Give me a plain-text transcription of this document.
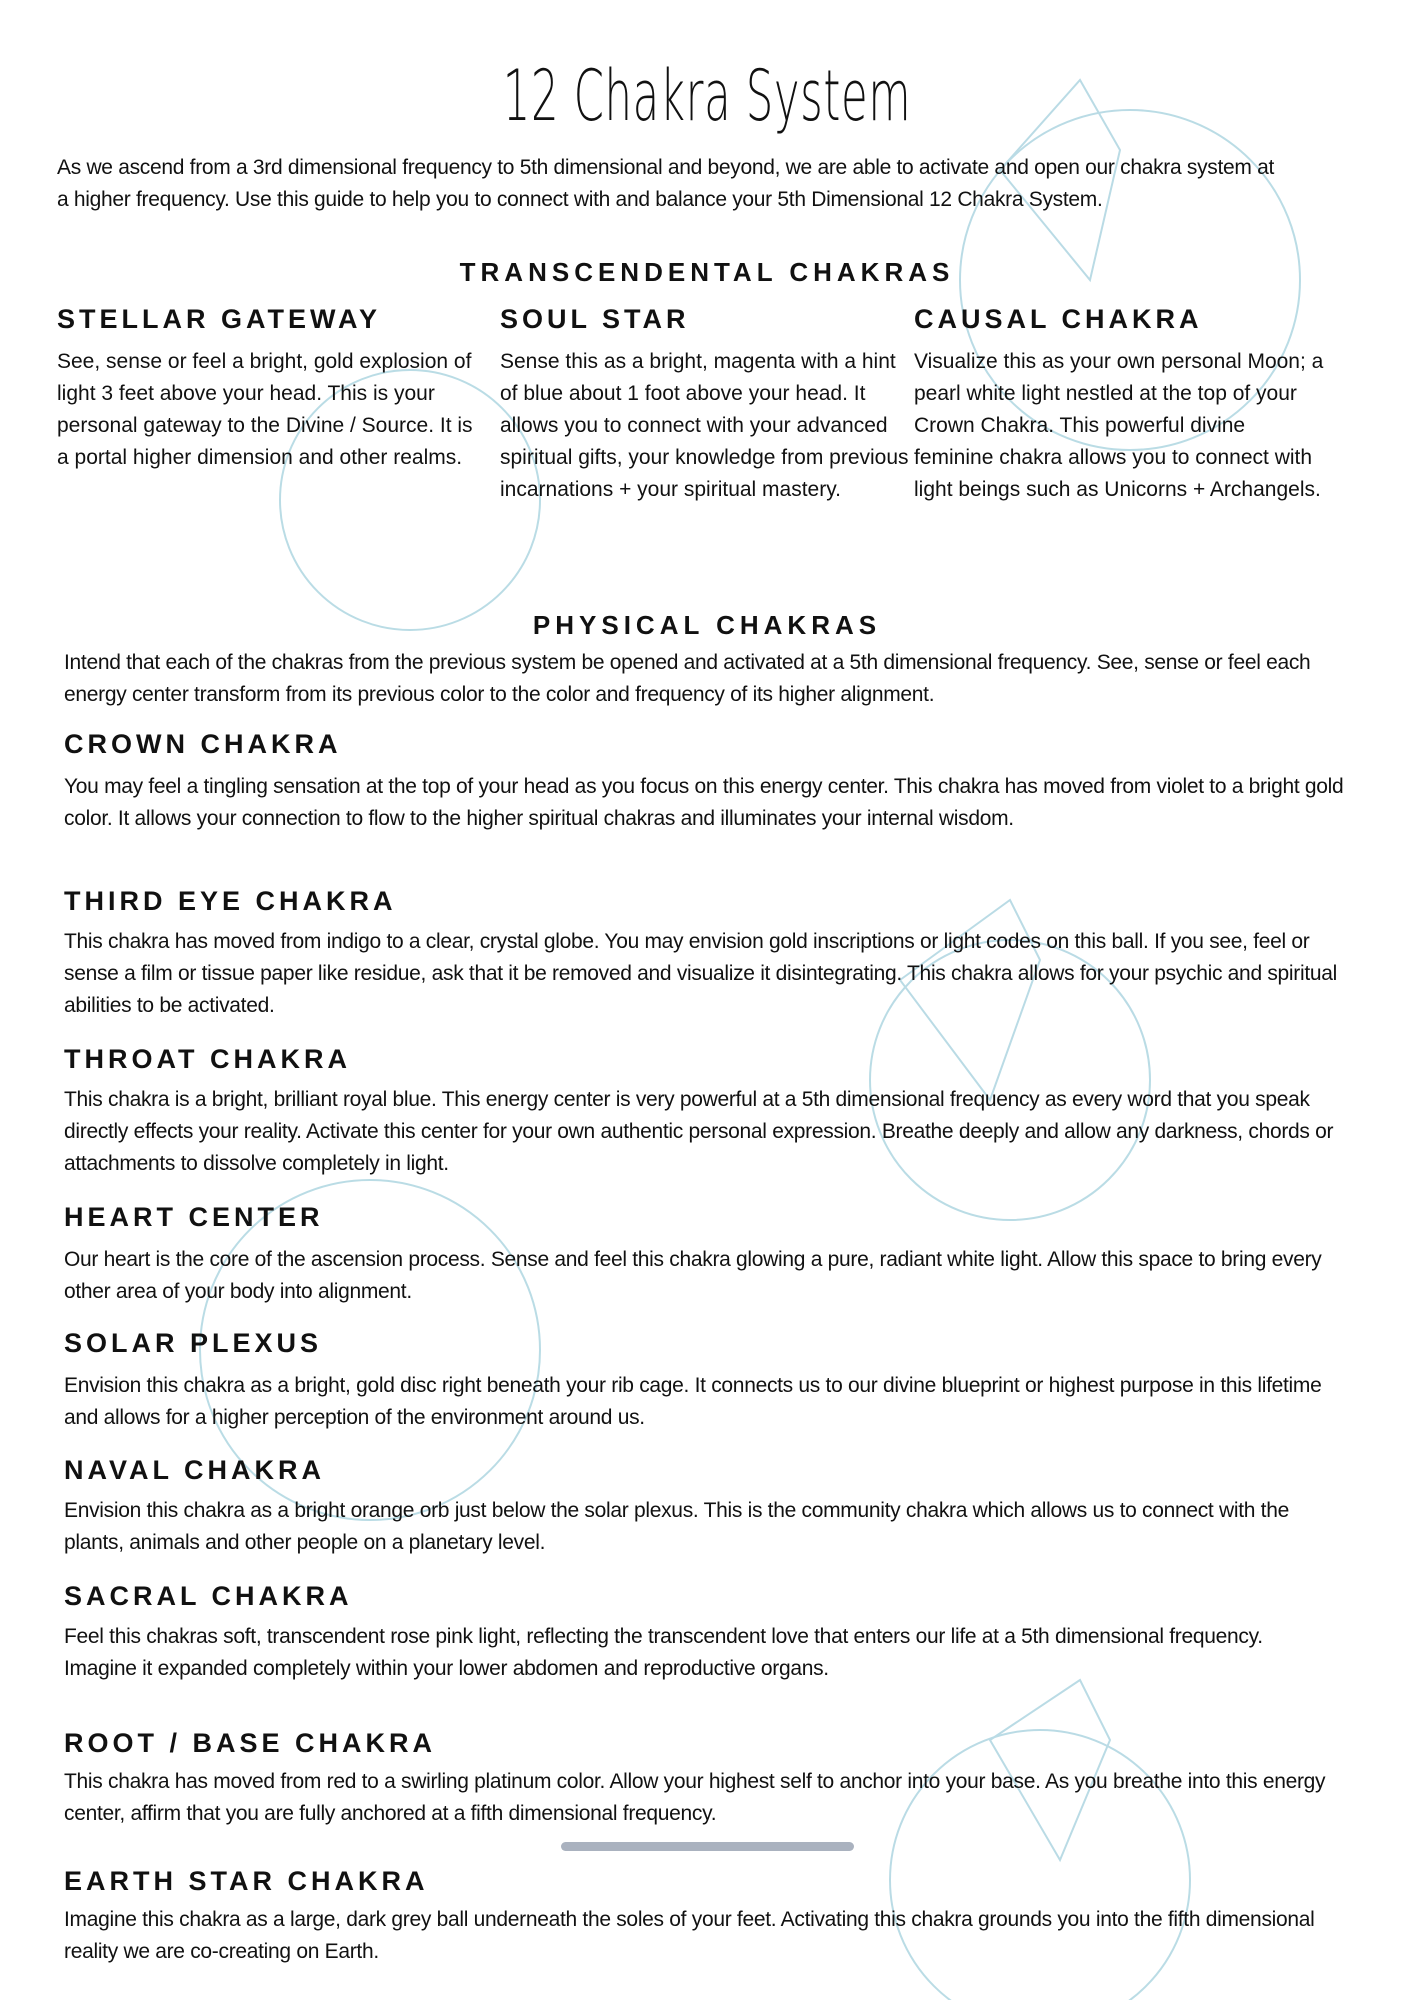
12 Chakra System
As we ascend from a 3rd dimensional frequency to 5th dimensional and beyond, we are able to activate and open our chakra system at a higher frequency. Use this guide to help you to connect with and balance your 5th Dimensional 12 Chakra System.
TRANSCENDENTAL CHAKRAS
STELLAR GATEWAY
See, sense or feel a bright, gold explosion of light 3 feet above your head. This is your personal gateway to the Divine / Source. It is a portal higher dimension and other realms.
SOUL STAR
Sense this as a bright, magenta with a hint of blue about 1 foot above your head. It allows you to connect with your advanced spiritual gifts, your knowledge from previous incarnations + your spiritual mastery.
CAUSAL CHAKRA
Visualize this as your own personal Moon; a pearl white light nestled at the top of your Crown Chakra. This powerful divine feminine chakra allows you to connect with light beings such as Unicorns + Archangels.
PHYSICAL CHAKRAS
Intend that each of the chakras from the previous system be opened and activated at a 5th dimensional frequency. See, sense or feel each energy center transform from its previous color to the color and frequency of its higher alignment.
CROWN CHAKRA
You may feel a tingling sensation at the top of your head as you focus on this energy center. This chakra has moved from violet to a bright gold color. It allows your connection to flow to the higher spiritual chakras and illuminates your internal wisdom.
THIRD EYE CHAKRA
This chakra has moved from indigo to a clear, crystal globe. You may envision gold inscriptions or light codes on this ball. If you see, feel or sense a film or tissue paper like residue, ask that it be removed and visualize it disintegrating. This chakra allows for your psychic and spiritual abilities to be activated.
THROAT CHAKRA
This chakra is a bright, brilliant royal blue. This energy center is very powerful at a 5th dimensional frequency as every word that you speak directly effects your reality. Activate this center for your own authentic personal expression. Breathe deeply and allow any darkness, chords or attachments to dissolve completely in light.
HEART CENTER
Our heart is the core of the ascension process. Sense and feel this chakra glowing a pure, radiant white light. Allow this space to bring every other area of your body into alignment.
SOLAR PLEXUS
Envision this chakra as a bright, gold disc right beneath your rib cage. It connects us to our divine blueprint or highest purpose in this lifetime and allows for a higher perception of the environment around us.
NAVAL CHAKRA
Envision this chakra as a bright orange orb just below the solar plexus. This is the community chakra which allows us to connect with the plants, animals and other people on a planetary level.
SACRAL CHAKRA
Feel this chakras soft, transcendent rose pink light, reflecting the transcendent love that enters our life at a 5th dimensional frequency. Imagine it expanded completely within your lower abdomen and reproductive organs.
ROOT / BASE CHAKRA
This chakra has moved from red to a swirling platinum color. Allow your highest self to anchor into your base. As you breathe into this energy center, affirm that you are fully anchored at a fifth dimensional frequency.
EARTH STAR CHAKRA
Imagine this chakra as a large, dark grey ball underneath the soles of your feet. Activating this chakra grounds you into the fifth dimensional reality we are co-creating on Earth.
